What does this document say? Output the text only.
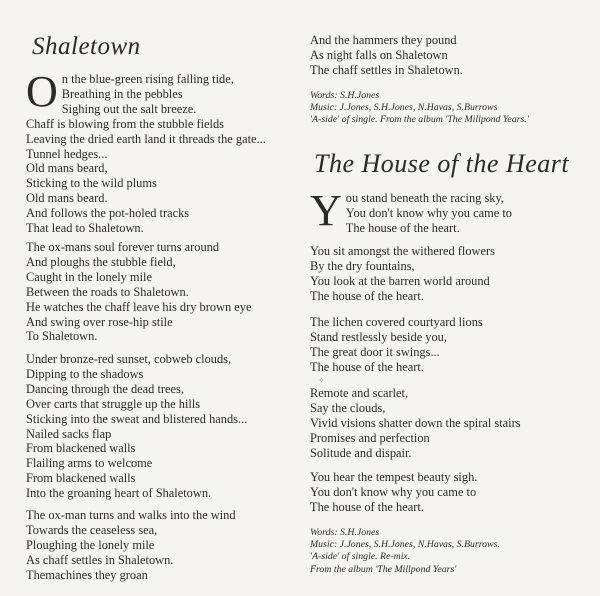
Shaletown
O n the blue-green rising falling tide,

Breathing in the pebbles

Sighing out the salt breeze.

Chaff is blowing from the stubble fields

Leaving the dried earth land it threads the gate...

Tunnel hedges...

Old mans beard,

Sticking to the wild plums

Old mans beard.

And follows the pot-holed tracks

That lead to Shaletown.

The ox-mans soul forever turns around

And ploughs the stubble field,

Caught in the lonely mile

Between the roads to Shaletown.

He watches the chaff leave his dry brown eye

And swing over rose-hip stile

To Shaletown.

Under bronze-red sunset, cobweb clouds,

Dipping to the shadows

Dancing through the dead trees,

Over carts that struggle up the hills

Sticking into the sweat and blistered hands...

Nailed sacks flap

From blackened walls

Flailing arms to welcome

From blackened walls

Into the groaning heart of Shaletown.

The ox-man turns and walks into the wind

Towards the ceaseless sea,

Ploughing the lonely mile

As chaff settles in Shaletown.

Themachines they groan

And the hammers they pound

As night falls on Shaletown

The chaff settles in Shaletown.

Words: S.H.Jones
Music: J.Jones, S.H.Jones, N.Havas, S.Burrows
'A-side' of single. From the album 'The Millpond Years.'
The House of the Heart
Y ou stand beneath the racing sky,

You don't know why you came to

The house of the heart.

You sit amongst the withered flowers

By the dry fountains,

You look at the barren world around

The house of the heart.

The lichen covered courtyard lions

Stand restlessly beside you,

The great door it swings...

The house of the heart.

✧

Remote and scarlet,

Say the clouds,

Vivid visions shatter down the spiral stairs

Promises and perfection

Solitude and dispair.

You hear the tempest beauty sigh.

You don't know why you came to

The house of the heart.

Words: S.H.Jones
Music: J.Jones, S.H.Jones, N.Havas, S.Burrows.
'A-side' of single. Re-mix.
From the album 'The Millpond Years'
